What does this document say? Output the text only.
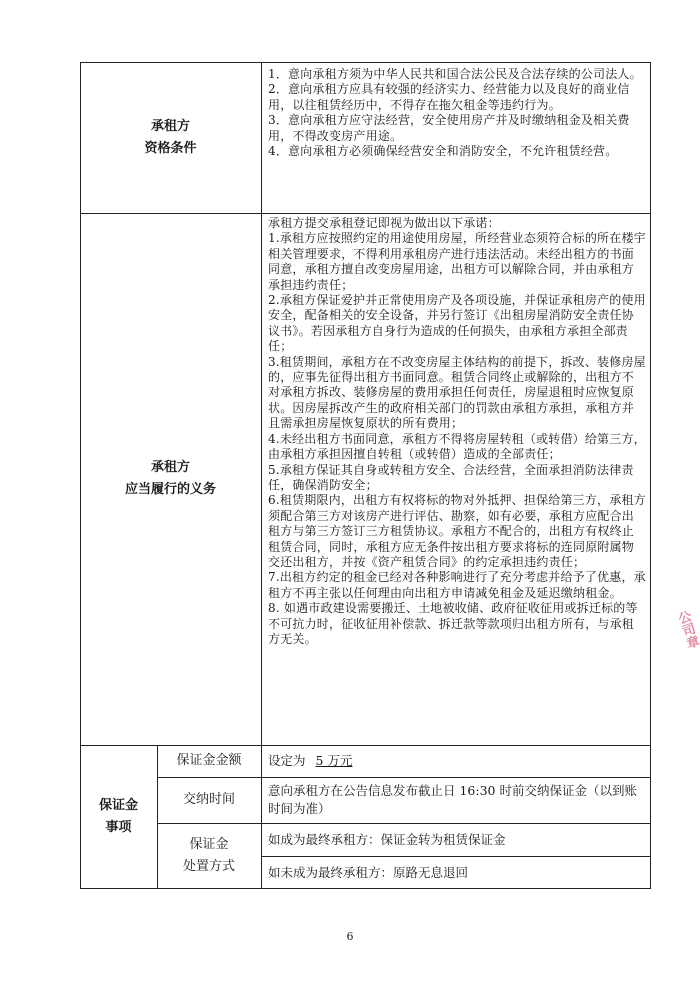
承租方
资格条件

1．意向承租方须为中华人民共和国合法公民及合法存续的公司法人。

2．意向承租方应具有较强的经济实力、经营能力以及良好的商业信用，以往租赁经历中，不得存在拖欠租金等违约行为。

3．意向承租方应守法经营，安全使用房产并及时缴纳租金及相关费用，不得改变房产用途。

4．意向承租方必须确保经营安全和消防安全，不允许租赁经营。

承租方
应当履行的义务

承租方提交承租登记即视为做出以下承诺：

1.承租方应按照约定的用途使用房屋，所经营业态须符合标的所在楼宇相关管理要求，不得利用承租房产进行违法活动。未经出租方的书面同意，承租方擅自改变房屋用途，出租方可以解除合同，并由承租方承担违约责任；

2.承租方保证爱护并正常使用房产及各项设施，并保证承租房产的使用安全，配备相关的安全设备，并另行签订《出租房屋消防安全责任协议书》。若因承租方自身行为造成的任何损失，由承租方承担全部责任；

3.租赁期间，承租方在不改变房屋主体结构的前提下，拆改、装修房屋的，应事先征得出租方书面同意。租赁合同终止或解除的，出租方不对承租方拆改、装修房屋的费用承担任何责任，房屋退租时应恢复原状。因房屋拆改产生的政府相关部门的罚款由承租方承担，承租方并且需承担房屋恢复原状的所有费用；

4.未经出租方书面同意，承租方不得将房屋转租（或转借）给第三方，由承租方承担因擅自转租（或转借）造成的全部责任；

5.承租方保证其自身或转租方安全、合法经营，全面承担消防法律责任，确保消防安全；

6.租赁期限内，出租方有权将标的物对外抵押、担保给第三方，承租方须配合第三方对该房产进行评估、勘察，如有必要，承租方应配合出租方与第三方签订三方租赁协议。承租方不配合的，出租方有权终止租赁合同，同时，承租方应无条件按出租方要求将标的连同原附属物交还出租方，并按《资产租赁合同》的约定承担违约责任；

7.出租方约定的租金已经对各种影响进行了充分考虑并给予了优惠，承租方不再主张以任何理由向出租方申请减免租金及延迟缴纳租金。

8. 如遇市政建设需要搬迁、土地被收储、政府征收征用或拆迁标的等不可抗力时，征收征用补偿款、拆迁款等款项归出租方所有，与承租方无关。

保证金
事项
保证金金额 设定为 5 万元
交纳时间
意向承租方在公告信息发布截止日 16:30 时前交纳保证金（以到账时间为准）
保证金
处置方式
如成为最终承租方：保证金转为租赁保证金
如未成为最终承租方：原路无息退回
公司章
6
